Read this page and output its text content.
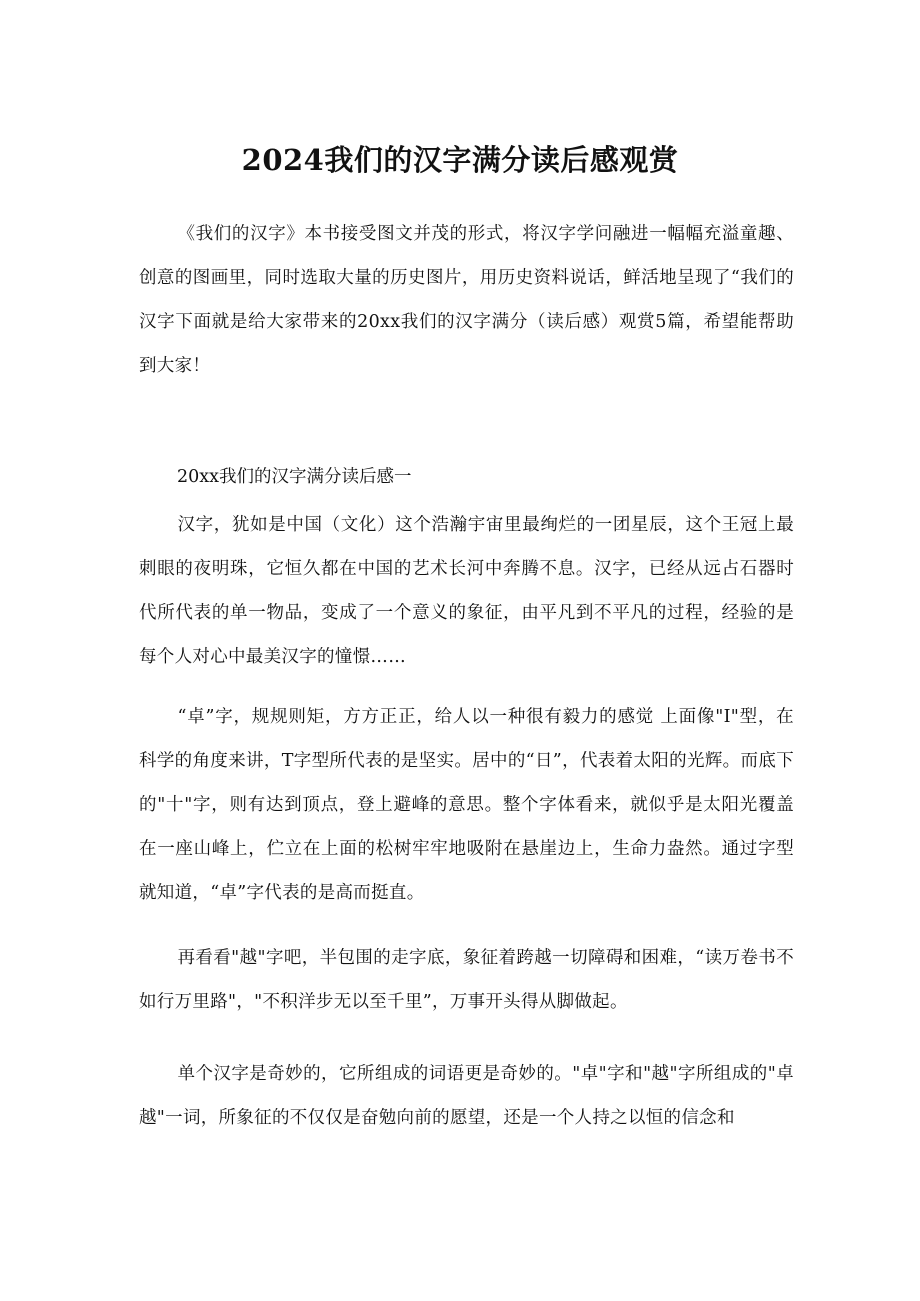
2024我们的汉字满分读后感观赏

《我们的汉字》本书接受图文并茂的形式，将汉字学问融进一幅幅充溢童趣、创意的图画里，同时选取大量的历史图片，用历史资料说话，鲜活地呈现了“我们的汉字下面就是给大家带来的20xx我们的汉字满分（读后感）观赏5篇，希望能帮助到大家！

20xx我们的汉字满分读后感一

汉字，犹如是中国（文化）这个浩瀚宇宙里最绚烂的一团星辰，这个王冠上最刺眼的夜明珠，它恒久都在中国的艺术长河中奔腾不息。汉字，已经从远占石器时代所代表的单一物品，变成了一个意义的象征，由平凡到不平凡的过程，经验的是每个人对心中最美汉字的憧憬……

“卓”字，规规则矩，方方正正，给人以一种很有毅力的感觉 上面像"I"型，在科学的角度来讲，T字型所代表的是坚实。居中的“日”，代表着太阳的光辉。而底下的"十"字，则有达到顶点，登上避峰的意思。整个字体看来，就似乎是太阳光覆盖在一座山峰上，伫立在上面的松树牢牢地吸附在悬崖边上，生命力盎然。通过字型就知道，“卓”字代表的是高而挺直。

再看看"越"字吧，半包围的走字底，象征着跨越一切障碍和困难，“读万卷书不如行万里路"，"不积洋步无以至千里”，万事开头得从脚做起。

单个汉字是奇妙的，它所组成的词语更是奇妙的。"卓"字和"越"字所组成的"卓越"一词，所象征的不仅仅是奋勉向前的愿望，还是一个人持之以恒的信念和
